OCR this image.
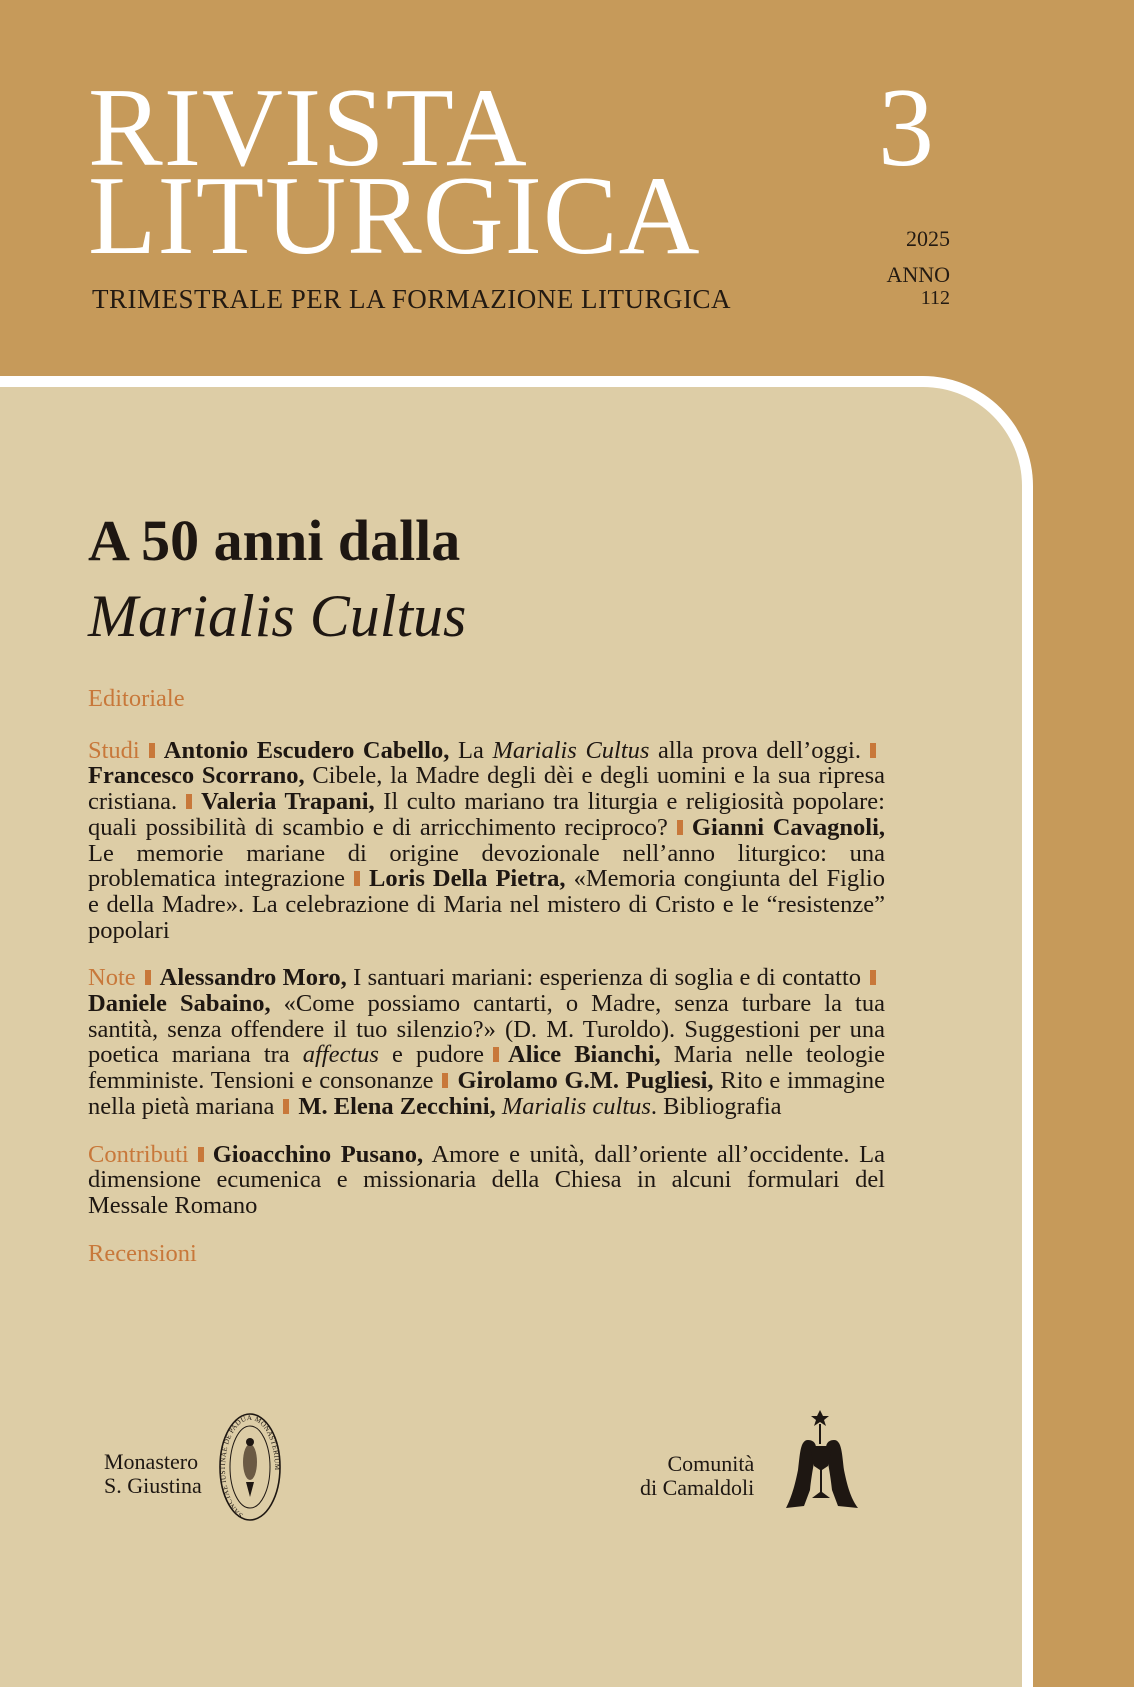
RIVISTA
LITURGICA
TRIMESTRALE PER LA FORMAZIONE LITURGICA
3
2025
ANNO
112
A 50 anni dalla
Marialis Cultus

Editoriale

Studi Antonio Escudero Cabello, La Marialis Cultus alla prova dell’oggi.Francesco Scorrano, Cibele, la Madre degli dèi e degli uomini e la sua ripresa cristiana. Valeria Trapani, Il culto mariano tra liturgia e religiosità popolare: quali possibilità di scambio e di arricchimento reciproco? Gianni Cavagnoli, Le memorie mariane di origine devozionale nell’anno liturgico: una problematica integrazione Loris Della Pietra, «Memoria congiunta del Figlio e della Madre». La celebrazione di Maria nel mistero di Cristo e le “resistenze” popolari

Note Alessandro Moro, I santuari mariani: esperienza di soglia e di contattoDaniele Sabaino, «Come possiamo cantarti, o Madre, senza turbare la tua santità, senza offendere il tuo silenzio?» (D. M. Turoldo). Suggestioni per una poetica mariana tra affectus e pudore Alice Bianchi, Maria nelle teologie femministe. Tensioni e consonanze Girolamo G.M. Pugliesi, Rito e immagine nella pietà mariana M. Elena Zecchini, Marialis cultus. Bibliografia

Contributi Gioacchino Pusano, Amore e unità, dall’oriente all’occidente. La dimensione ecumenica e missionaria della Chiesa in alcuni formulari del Messale Romano

Recensioni

Monastero
S. Giustina
SANCTAE IUSTINAE DE PADUA MONASTERIUM	Comunità
di Camaldoli
